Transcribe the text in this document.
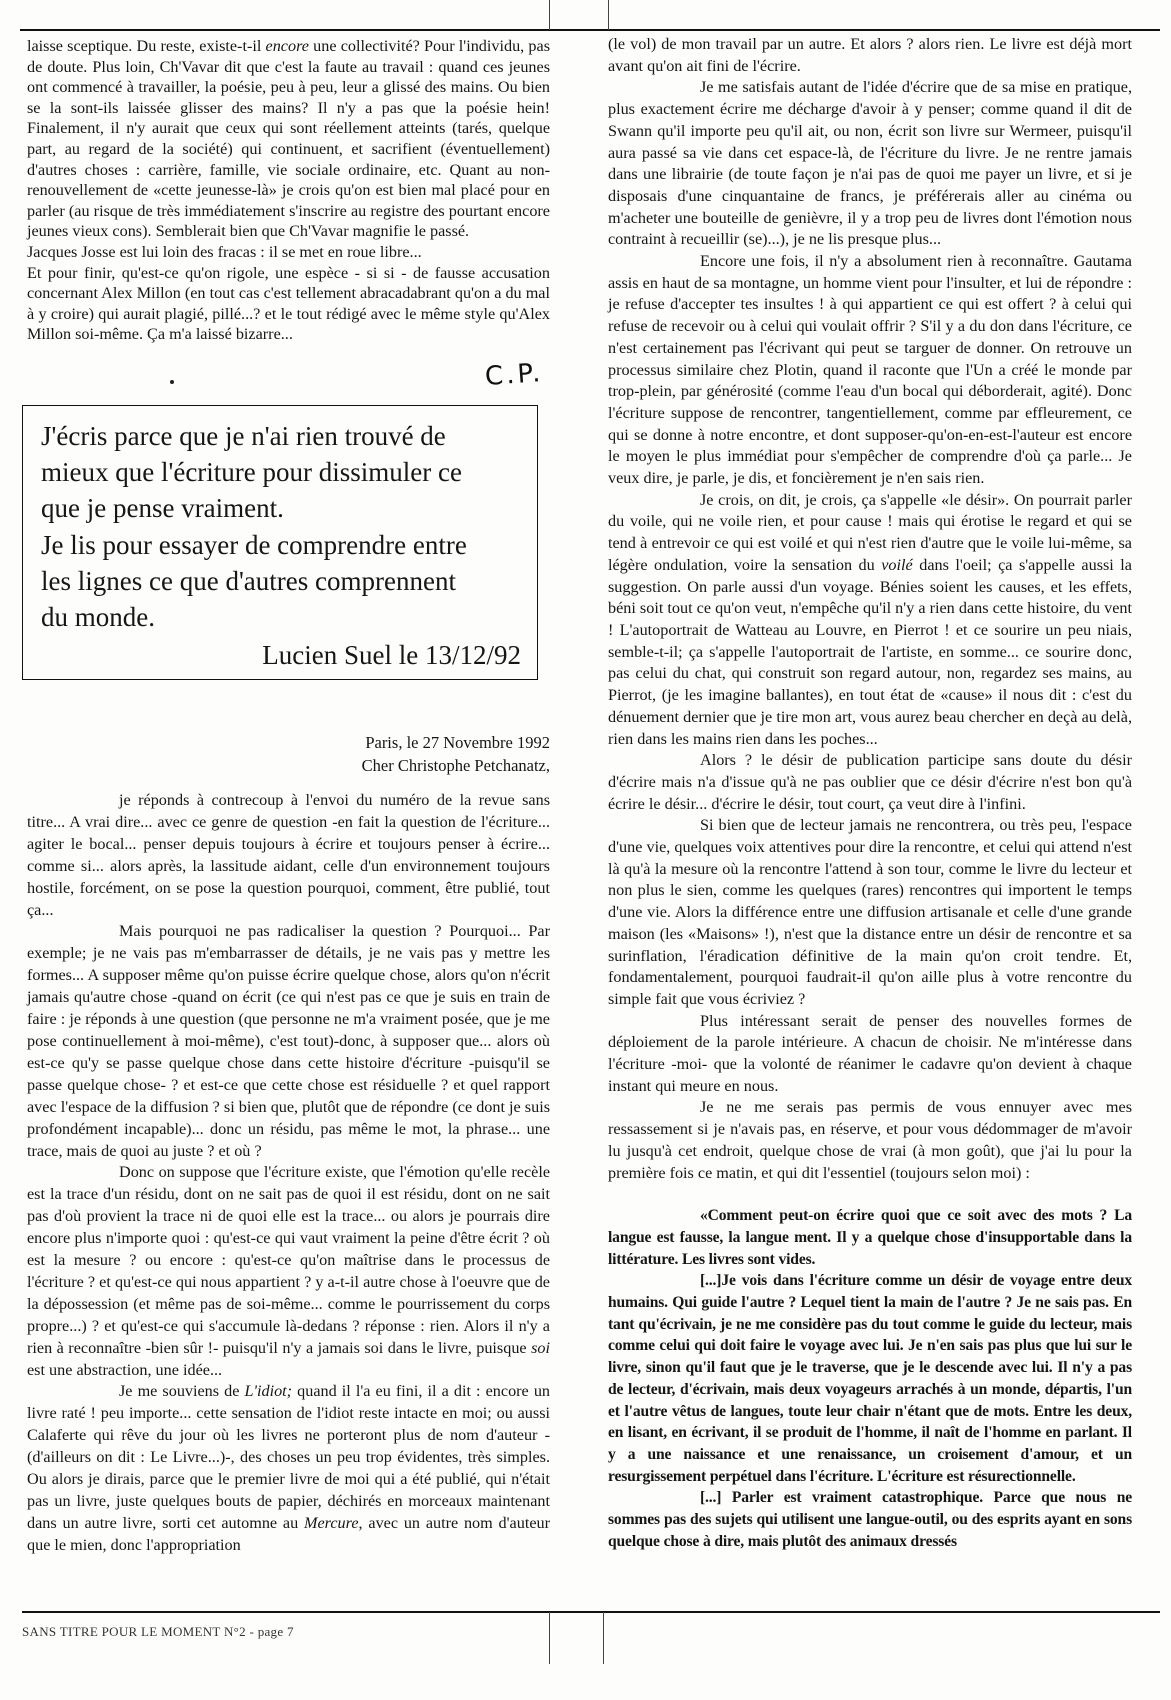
laisse sceptique. Du reste, existe-t-il encore une collectivité? Pour l'individu, pas de doute. Plus loin, Ch'Vavar dit que c'est la faute au travail : quand ces jeunes ont commencé à travailler, la poésie, peu à peu, leur a glissé des mains. Ou bien se la sont-ils laissée glisser des mains? Il n'y a pas que la poésie hein! Finalement, il n'y aurait que ceux qui sont réellement atteints (tarés, quelque part, au regard de la société) qui continuent, et sacrifient (éventuellement) d'autres choses : carrière, famille, vie sociale ordinaire, etc. Quant au non-renouvellement de «cette jeunesse-là» je crois qu'on est bien mal placé pour en parler (au risque de très immédiatement s'inscrire au registre des pourtant encore jeunes vieux cons). Semblerait bien que Ch'Vavar magnifie le passé.

Jacques Josse est lui loin des fracas : il se met en roue libre...

Et pour finir, qu'est-ce qu'on rigole, une espèce - si si - de fausse accusation concernant Alex Millon (en tout cas c'est tellement abracadabrant qu'on a du mal à y croire) qui aurait plagié, pillé...? et le tout rédigé avec le même style qu'Alex Millon soi-même. Ça m'a laissé bizarre...

C.P.
J'écris parce que je n'ai rien trouvé de
mieux que l'écriture pour dissimuler ce
que je pense vraiment.
Je lis pour essayer de comprendre entre
les lignes ce que d'autres comprennent
du monde.
Lucien Suel le 13/12/92
Paris, le 27 Novembre 1992
Cher Christophe Petchanatz,

je réponds à contrecoup à l'envoi du numéro de la revue sans titre... A vrai dire... avec ce genre de question -en fait la question de l'écriture... agiter le bocal... penser depuis toujours à écrire et toujours penser à écrire... comme si... alors après, la lassitude aidant, celle d'un environnement toujours hostile, forcément, on se pose la question pourquoi, comment, être publié, tout ça...

Mais pourquoi ne pas radicaliser la question ? Pourquoi... Par exemple; je ne vais pas m'embarrasser de détails, je ne vais pas y mettre les formes... A supposer même qu'on puisse écrire quelque chose, alors qu'on n'écrit jamais qu'autre chose -quand on écrit (ce qui n'est pas ce que je suis en train de faire : je réponds à une question (que personne ne m'a vraiment posée, que je me pose continuellement à moi-même), c'est tout)-donc, à supposer que... alors où est-ce qu'y se passe quelque chose dans cette histoire d'écriture -puisqu'il se passe quelque chose- ? et est-ce que cette chose est résiduelle ? et quel rapport avec l'espace de la diffusion ? si bien que, plutôt que de répondre (ce dont je suis profondément incapable)... donc un résidu, pas même le mot, la phrase... une trace, mais de quoi au juste ? et où ?

Donc on suppose que l'écriture existe, que l'émotion qu'elle recèle est la trace d'un résidu, dont on ne sait pas de quoi il est résidu, dont on ne sait pas d'où provient la trace ni de quoi elle est la trace... ou alors je pourrais dire encore plus n'importe quoi : qu'est-ce qui vaut vraiment la peine d'être écrit ? où est la mesure ? ou encore : qu'est-ce qu'on maîtrise dans le processus de l'écriture ? et qu'est-ce qui nous appartient ? y a-t-il autre chose à l'oeuvre que de la dépossession (et même pas de soi-même... comme le pourrissement du corps propre...) ? et qu'est-ce qui s'accumule là-dedans ? réponse : rien. Alors il n'y a rien à reconnaître -bien sûr !- puisqu'il n'y a jamais soi dans le livre, puisque soi est une abstraction, une idée...

Je me souviens de L'idiot; quand il l'a eu fini, il a dit : encore un livre raté ! peu importe... cette sensation de l'idiot reste intacte en moi; ou aussi Calaferte qui rêve du jour où les livres ne porteront plus de nom d'auteur -(d'ailleurs on dit : Le Livre...)-, des choses un peu trop évidentes, très simples. Ou alors je dirais, parce que le premier livre de moi qui a été publié, qui n'était pas un livre, juste quelques bouts de papier, déchirés en morceaux maintenant dans un autre livre, sorti cet automne au Mercure, avec un autre nom d'auteur que le mien, donc l'appropriation

(le vol) de mon travail par un autre. Et alors ? alors rien. Le livre est déjà mort avant qu'on ait fini de l'écrire.

Je me satisfais autant de l'idée d'écrire que de sa mise en pratique, plus exactement écrire me décharge d'avoir à y penser; comme quand il dit de Swann qu'il importe peu qu'il ait, ou non, écrit son livre sur Wermeer, puisqu'il aura passé sa vie dans cet espace-là, de l'écriture du livre. Je ne rentre jamais dans une librairie (de toute façon je n'ai pas de quoi me payer un livre, et si je disposais d'une cinquantaine de francs, je préférerais aller au cinéma ou m'acheter une bouteille de genièvre, il y a trop peu de livres dont l'émotion nous contraint à recueillir (se)...), je ne lis presque plus...

Encore une fois, il n'y a absolument rien à reconnaître. Gautama assis en haut de sa montagne, un homme vient pour l'insulter, et lui de répondre : je refuse d'accepter tes insultes ! à qui appartient ce qui est offert ? à celui qui refuse de recevoir ou à celui qui voulait offrir ? S'il y a du don dans l'écriture, ce n'est certainement pas l'écrivant qui peut se targuer de donner. On retrouve un processus similaire chez Plotin, quand il raconte que l'Un a créé le monde par trop-plein, par générosité (comme l'eau d'un bocal qui déborderait, agité). Donc l'écriture suppose de rencontrer, tangentiellement, comme par effleurement, ce qui se donne à notre encontre, et dont supposer-qu'on-en-est-l'auteur est encore le moyen le plus immédiat pour s'empêcher de comprendre d'où ça parle... Je veux dire, je parle, je dis, et foncièrement je n'en sais rien.

Je crois, on dit, je crois, ça s'appelle «le désir». On pourrait parler du voile, qui ne voile rien, et pour cause ! mais qui érotise le regard et qui se tend à entrevoir ce qui est voilé et qui n'est rien d'autre que le voile lui-même, sa légère ondulation, voire la sensation du voilé dans l'oeil; ça s'appelle aussi la suggestion. On parle aussi d'un voyage. Bénies soient les causes, et les effets, béni soit tout ce qu'on veut, n'empêche qu'il n'y a rien dans cette histoire, du vent ! L'autoportrait de Watteau au Louvre, en Pierrot ! et ce sourire un peu niais, semble-t-il; ça s'appelle l'autoportrait de l'artiste, en somme... ce sourire donc, pas celui du chat, qui construit son regard autour, non, regardez ses mains, au Pierrot, (je les imagine ballantes), en tout état de «cause» il nous dit : c'est du dénuement dernier que je tire mon art, vous aurez beau chercher en deçà au delà, rien dans les mains rien dans les poches...

Alors ? le désir de publication participe sans doute du désir d'écrire mais n'a d'issue qu'à ne pas oublier que ce désir d'écrire n'est bon qu'à écrire le désir... d'écrire le désir, tout court, ça veut dire à l'infini.

Si bien que de lecteur jamais ne rencontrera, ou très peu, l'espace d'une vie, quelques voix attentives pour dire la rencontre, et celui qui attend n'est là qu'à la mesure où la rencontre l'attend à son tour, comme le livre du lecteur et non plus le sien, comme les quelques (rares) rencontres qui importent le temps d'une vie. Alors la différence entre une diffusion artisanale et celle d'une grande maison (les «Maisons» !), n'est que la distance entre un désir de rencontre et sa surinflation, l'éradication définitive de la main qu'on croit tendre. Et, fondamentalement, pourquoi faudrait-il qu'on aille plus à votre rencontre du simple fait que vous écriviez ?

Plus intéressant serait de penser des nouvelles formes de déploiement de la parole intérieure. A chacun de choisir. Ne m'intéresse dans l'écriture -moi- que la volonté de réanimer le cadavre qu'on devient à chaque instant qui meure en nous.

Je ne me serais pas permis de vous ennuyer avec mes ressassement si je n'avais pas, en réserve, et pour vous dédommager de m'avoir lu jusqu'à cet endroit, quelque chose de vrai (à mon goût), que j'ai lu pour la première fois ce matin, et qui dit l'essentiel (toujours selon moi) :

«Comment peut-on écrire quoi que ce soit avec des mots ? La langue est fausse, la langue ment. Il y a quelque chose d'insupportable dans la littérature. Les livres sont vides.

[...]Je vois dans l'écriture comme un désir de voyage entre deux humains. Qui guide l'autre ? Lequel tient la main de l'autre ? Je ne sais pas. En tant qu'écrivain, je ne me considère pas du tout comme le guide du lecteur, mais comme celui qui doit faire le voyage avec lui. Je n'en sais pas plus que lui sur le livre, sinon qu'il faut que je le traverse, que je le descende avec lui. Il n'y a pas de lecteur, d'écrivain, mais deux voyageurs arrachés à un monde, départis, l'un et l'autre vêtus de langues, toute leur chair n'étant que de mots. Entre les deux, en lisant, en écrivant, il se produit de l'homme, il naît de l'homme en parlant. Il y a une naissance et une renaissance, un croisement d'amour, et un resurgissement perpétuel dans l'écriture. L'écriture est résurectionnelle.

[...] Parler est vraiment catastrophique. Parce que nous ne sommes pas des sujets qui utilisent une langue-outil, ou des esprits ayant en sons quelque chose à dire, mais plutôt des animaux dressés

SANS TITRE POUR LE MOMENT N°2 - page 7
